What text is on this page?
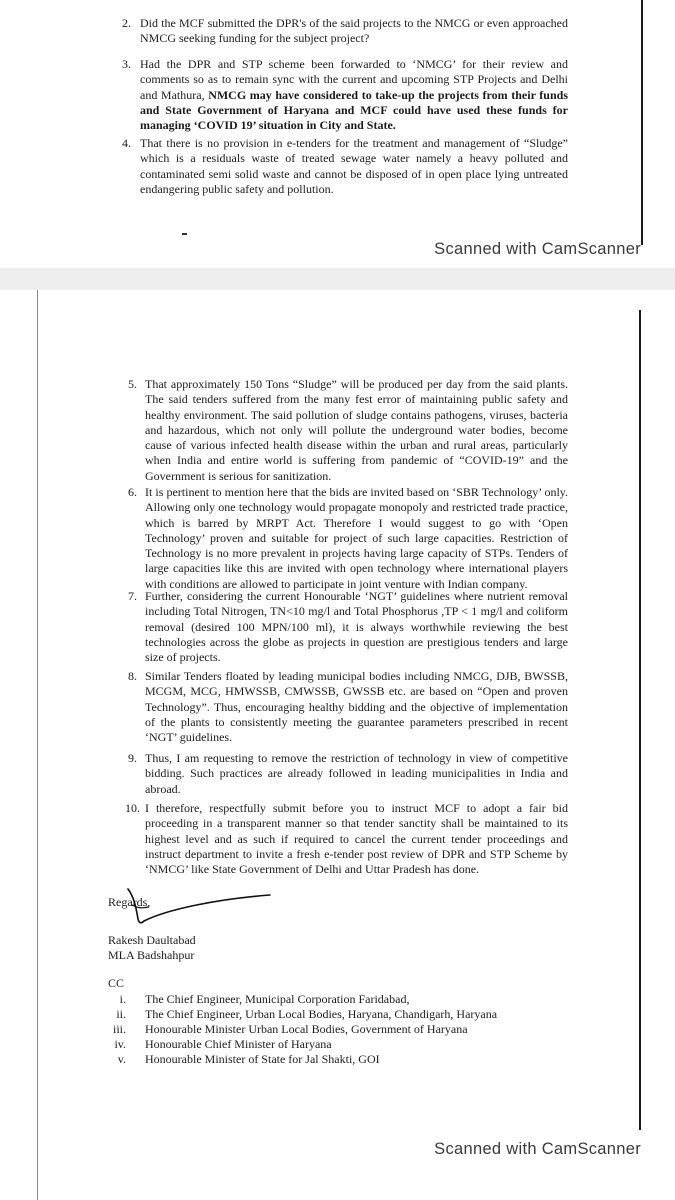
2. Did the MCF submitted the DPR's of the said projects to the NMCG or even approached NMCG seeking funding for the subject project?
3. Had the DPR and STP scheme been forwarded to ‘NMCG’ for their review and comments so as to remain sync with the current and upcoming STP Projects and Delhi and Mathura, NMCG may have considered to take-up the projects from their funds and State Government of Haryana and MCF could have used these funds for managing ‘COVID 19’ situation in City and State.
4. That there is no provision in e-tenders for the treatment and management of “Sludge” which is a residuals waste of treated sewage water namely a heavy polluted and contaminated semi solid waste and cannot be disposed of in open place lying untreated endangering public safety and pollution.
Scanned with CamScanner
5. That approximately 150 Tons “Sludge” will be produced per day from the said plants. The said tenders suffered from the many fest error of maintaining public safety and healthy environment. The said pollution of sludge contains pathogens, viruses, bacteria and hazardous, which not only will pollute the underground water bodies, become cause of various infected health disease within the urban and rural areas, particularly when India and entire world is suffering from pandemic of “COVID-19” and the Government is serious for sanitization.
6. It is pertinent to mention here that the bids are invited based on ‘SBR Technology’ only. Allowing only one technology would propagate monopoly and restricted trade practice, which is barred by MRPT Act. Therefore I would suggest to go with ‘Open Technology’ proven and suitable for project of such large capacities. Restriction of Technology is no more prevalent in projects having large capacity of STPs. Tenders of large capacities like this are invited with open technology where international players with conditions are allowed to participate in joint venture with Indian company.
7. Further, considering the current Honourable ‘NGT’ guidelines where nutrient removal including Total Nitrogen, TN<10 mg/l and Total Phosphorus ,TP < 1 mg/l and coliform removal (desired 100 MPN/100 ml), it is always worthwhile reviewing the best technologies across the globe as projects in question are prestigious tenders and large size of projects.
8. Similar Tenders floated by leading municipal bodies including NMCG, DJB, BWSSB, MCGM, MCG, HMWSSB, CMWSSB, GWSSB etc. are based on “Open and proven Technology”. Thus, encouraging healthy bidding and the objective of implementation of the plants to consistently meeting the guarantee parameters prescribed in recent ‘NGT’ guidelines.
9. Thus, I am requesting to remove the restriction of technology in view of competitive bidding. Such practices are already followed in leading municipalities in India and abroad.
10. I therefore, respectfully submit before you to instruct MCF to adopt a fair bid proceeding in a transparent manner so that tender sanctity shall be maintained to its highest level and as such if required to cancel the current tender proceedings and instruct department to invite a fresh e-tender post review of DPR and STP Scheme by ‘NMCG’ like State Government of Delhi and Uttar Pradesh has done.
Regards,
Rakesh Daultabad
MLA Badshahpur
CC
i. The Chief Engineer, Municipal Corporation Faridabad,
ii. The Chief Engineer, Urban Local Bodies, Haryana, Chandigarh, Haryana
iii. Honourable Minister Urban Local Bodies, Government of Haryana
iv. Honourable Chief Minister of Haryana
v. Honourable Minister of State for Jal Shakti, GOI
Scanned with CamScanner
